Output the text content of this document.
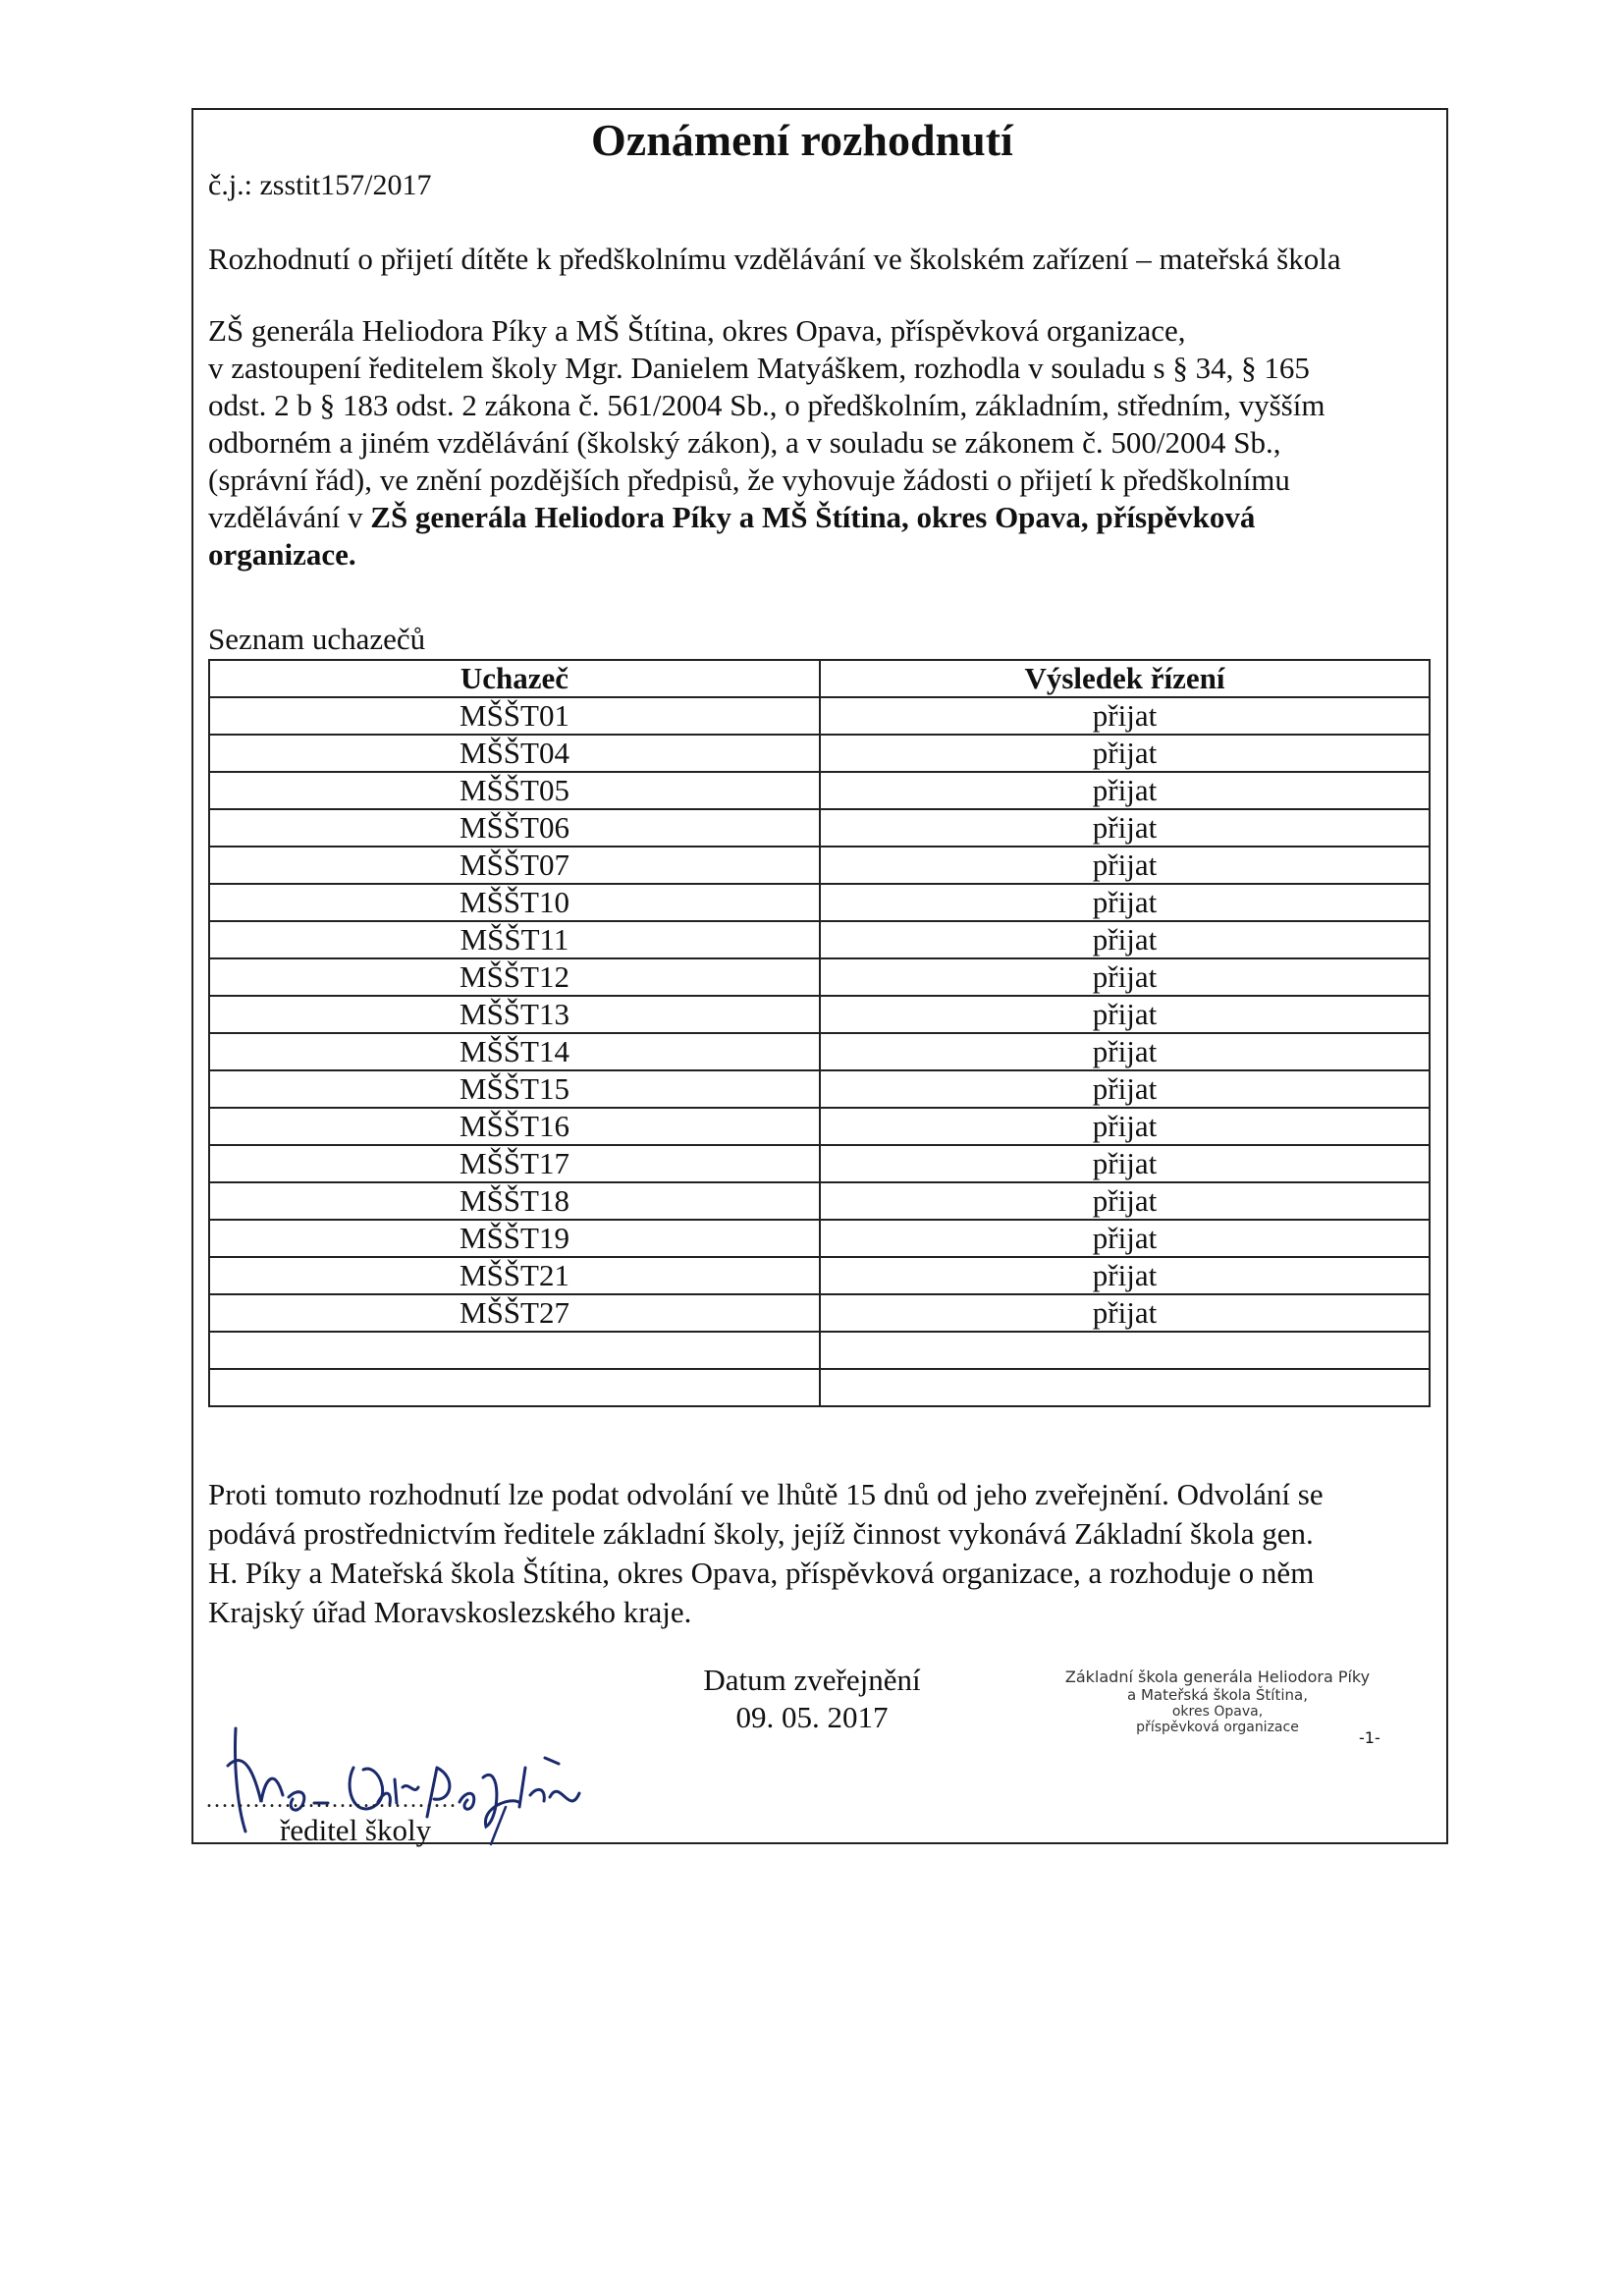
č.j.: zsstit157/2017
Oznámení rozhodnutí
Rozhodnutí o přijetí dítěte k předškolnímu vzdělávání ve školském zařízení – mateřská škola

ZŠ generála Heliodora Píky a MŠ Štítina, okres Opava, příspěvková organizace,

v zastoupení ředitelem školy Mgr. Danielem Matyáškem, rozhodla v souladu s § 34, § 165

odst. 2 b § 183 odst. 2 zákona č. 561/2004 Sb., o předškolním, základním, středním, vyšším

odborném a jiném vzdělávání (školský zákon), a v souladu se zákonem č. 500/2004 Sb.,

(správní řád), ve znění pozdějších předpisů, že vyhovuje žádosti o přijetí k předškolnímu

vzdělávání v ZŠ generála Heliodora Píky a MŠ Štítina, okres Opava, příspěvková

organizace.

Seznam uchazečů
Uchazeč	Výsledek řízení
MŠŠT01	přijat
MŠŠT04	přijat
MŠŠT05	přijat
MŠŠT06	přijat
MŠŠT07	přijat
MŠŠT10	přijat
MŠŠT11	přijat
MŠŠT12	přijat
MŠŠT13	přijat
MŠŠT14	přijat
MŠŠT15	přijat
MŠŠT16	přijat
MŠŠT17	přijat
MŠŠT18	přijat
MŠŠT19	přijat
MŠŠT21	přijat
MŠŠT27	přijat

Proti tomuto rozhodnutí lze podat odvolání ve lhůtě 15 dnů od jeho zveřejnění. Odvolání se

podává prostřednictvím ředitele základní školy, jejíž činnost vykonává Základní škola gen.

H. Píky a Mateřská škola Štítina, okres Opava, příspěvková organizace, a rozhoduje o něm

Krajský úřad Moravskoslezského kraje.

Datum zveřejnění
09. 05. 2017
Základní škola generála Heliodora Píky
a Mateřská škola Štítina,
okres Opava,
příspěvková organizace
-1-
................................
ředitel školy
